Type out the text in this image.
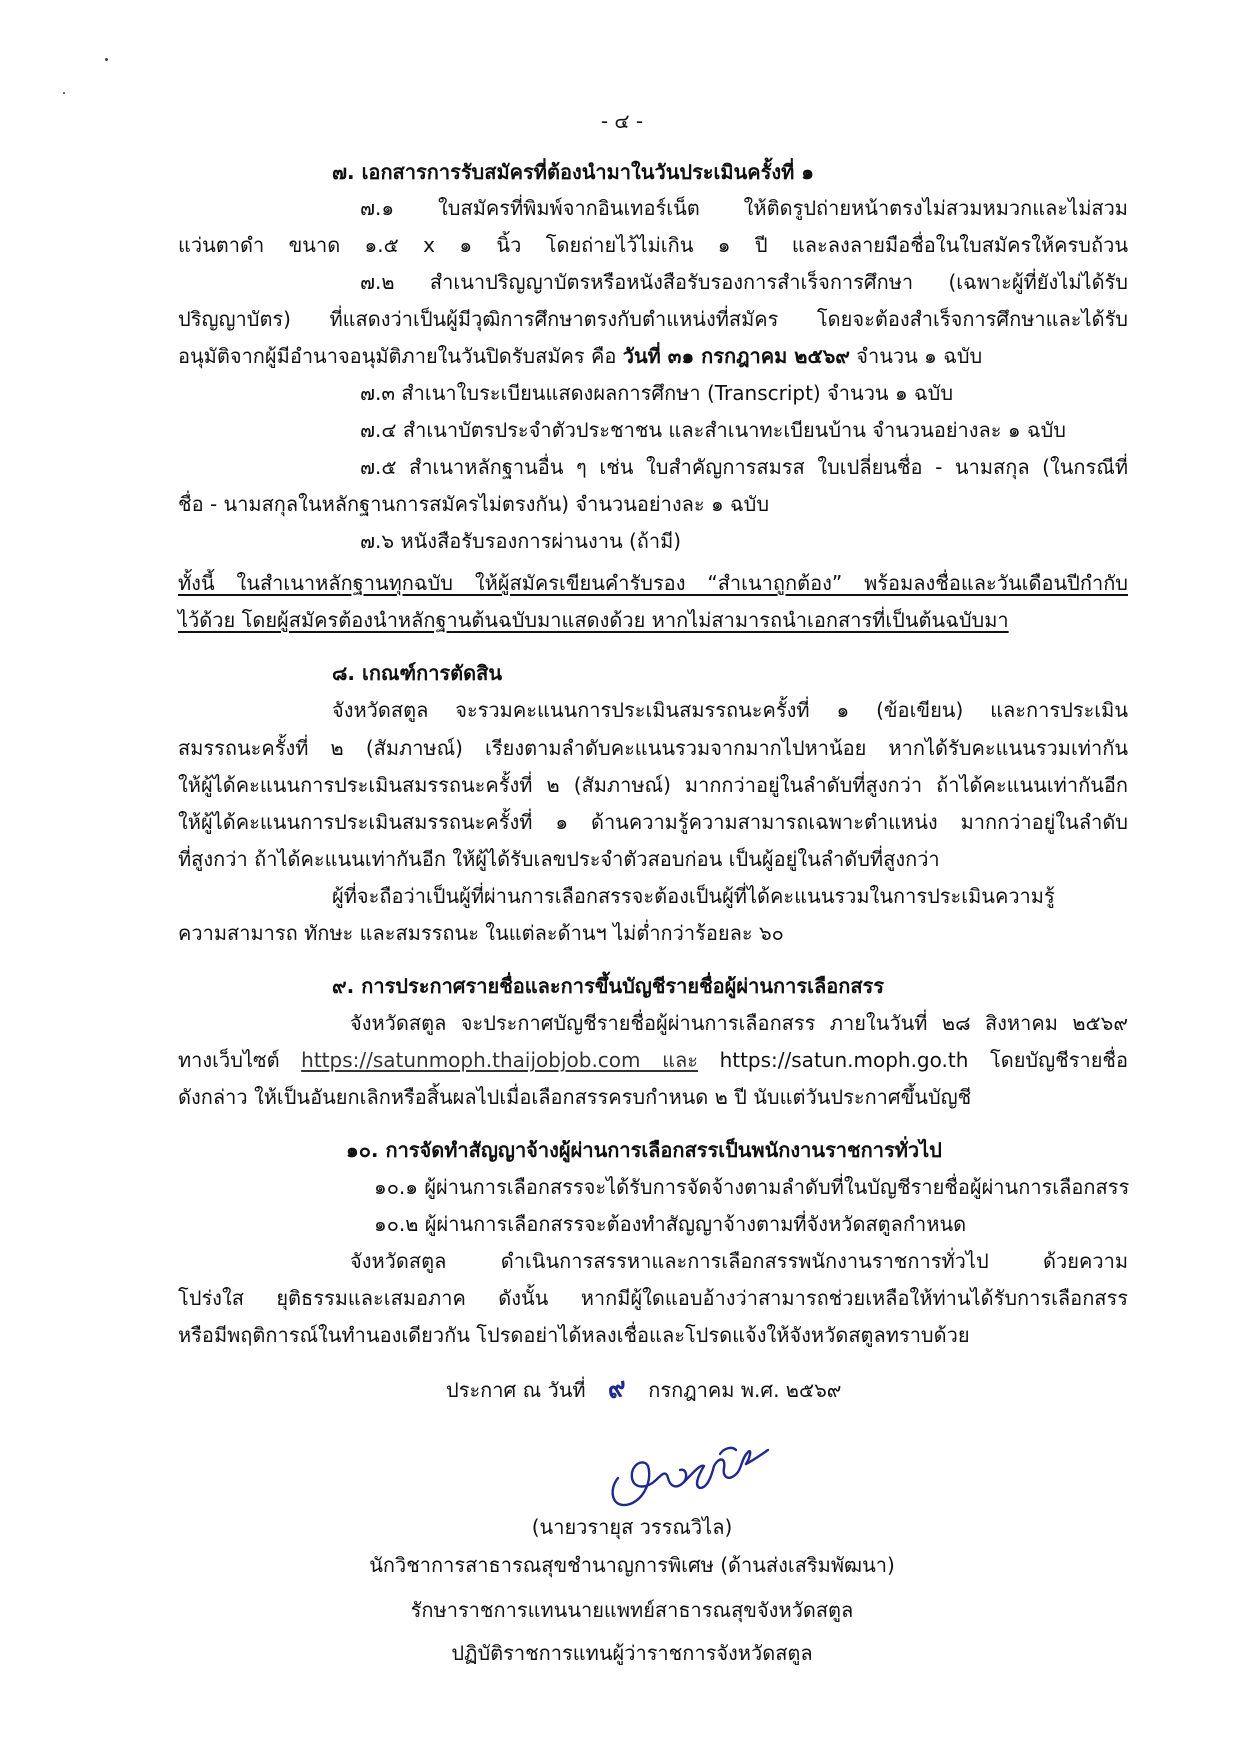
- ๔ -
๗. เอกสารการรับสมัครที่ต้องนำมาในวันประเมินครั้งที่ ๑
๗.๑ ใบสมัครที่พิมพ์จากอินเทอร์เน็ต ให้ติดรูปถ่ายหน้าตรงไม่สวมหมวกและไม่สวม
แว่นตาดำ ขนาด ๑.๕ x ๑ นิ้ว โดยถ่ายไว้ไม่เกิน ๑ ปี และลงลายมือชื่อในใบสมัครให้ครบถ้วน
๗.๒ สำเนาปริญญาบัตรหรือหนังสือรับรองการสำเร็จการศึกษา (เฉพาะผู้ที่ยังไม่ได้รับ
ปริญญาบัตร) ที่แสดงว่าเป็นผู้มีวุฒิการศึกษาตรงกับตำแหน่งที่สมัคร โดยจะต้องสำเร็จการศึกษาและได้รับ
อนุมัติจากผู้มีอำนาจอนุมัติภายในวันปิดรับสมัคร คือ วันที่ ๓๑ กรกฎาคม ๒๕๖๙ จำนวน ๑ ฉบับ
๗.๓ สำเนาใบระเบียนแสดงผลการศึกษา (Transcript) จำนวน ๑ ฉบับ
๗.๔ สำเนาบัตรประจำตัวประชาชน และสำเนาทะเบียนบ้าน จำนวนอย่างละ ๑ ฉบับ
๗.๕ สำเนาหลักฐานอื่น ๆ เช่น ใบสำคัญการสมรส ใบเปลี่ยนชื่อ - นามสกุล (ในกรณีที่
ชื่อ - นามสกุลในหลักฐานการสมัครไม่ตรงกัน) จำนวนอย่างละ ๑ ฉบับ
๗.๖ หนังสือรับรองการผ่านงาน (ถ้ามี)
ทั้งนี้ ในสำเนาหลักฐานทุกฉบับ ให้ผู้สมัครเขียนคำรับรอง “สำเนาถูกต้อง” พร้อมลงชื่อและวันเดือนปีกำกับ
ไว้ด้วย โดยผู้สมัครต้องนำหลักฐานต้นฉบับมาแสดงด้วย หากไม่สามารถนำเอกสารที่เป็นต้นฉบับมา
๘. เกณฑ์การตัดสิน
จังหวัดสตูล จะรวมคะแนนการประเมินสมรรถนะครั้งที่ ๑ (ข้อเขียน) และการประเมิน
สมรรถนะครั้งที่ ๒ (สัมภาษณ์) เรียงตามลำดับคะแนนรวมจากมากไปหาน้อย หากได้รับคะแนนรวมเท่ากัน
ให้ผู้ได้คะแนนการประเมินสมรรถนะครั้งที่ ๒ (สัมภาษณ์) มากกว่าอยู่ในลำดับที่สูงกว่า ถ้าได้คะแนนเท่ากันอีก
ให้ผู้ได้คะแนนการประเมินสมรรถนะครั้งที่ ๑ ด้านความรู้ความสามารถเฉพาะตำแหน่ง มากกว่าอยู่ในลำดับ
ที่สูงกว่า ถ้าได้คะแนนเท่ากันอีก ให้ผู้ได้รับเลขประจำตัวสอบก่อน เป็นผู้อยู่ในลำดับที่สูงกว่า
ผู้ที่จะถือว่าเป็นผู้ที่ผ่านการเลือกสรรจะต้องเป็นผู้ที่ได้คะแนนรวมในการประเมินความรู้
ความสามารถ ทักษะ และสมรรถนะ ในแต่ละด้านฯ ไม่ต่ำกว่าร้อยละ ๖๐
๙. การประกาศรายชื่อและการขึ้นบัญชีรายชื่อผู้ผ่านการเลือกสรร
จังหวัดสตูล จะประกาศบัญชีรายชื่อผู้ผ่านการเลือกสรร ภายในวันที่ ๒๘ สิงหาคม ๒๕๖๙
ทางเว็บไซต์ https://satunmoph.thaijobjob.com และ https://satun.moph.go.th โดยบัญชีรายชื่อ
ดังกล่าว ให้เป็นอันยกเลิกหรือสิ้นผลไปเมื่อเลือกสรรครบกำหนด ๒ ปี นับแต่วันประกาศขึ้นบัญชี
๑๐. การจัดทำสัญญาจ้างผู้ผ่านการเลือกสรรเป็นพนักงานราชการทั่วไป
๑๐.๑ ผู้ผ่านการเลือกสรรจะได้รับการจัดจ้างตามลำดับที่ในบัญชีรายชื่อผู้ผ่านการเลือกสรร
๑๐.๒ ผู้ผ่านการเลือกสรรจะต้องทำสัญญาจ้างตามที่จังหวัดสตูลกำหนด
จังหวัดสตูล ดำเนินการสรรหาและการเลือกสรรพนักงานราชการทั่วไป ด้วยความ
โปร่งใส ยุติธรรมและเสมอภาค ดังนั้น หากมีผู้ใดแอบอ้างว่าสามารถช่วยเหลือให้ท่านได้รับการเลือกสรร
หรือมีพฤติการณ์ในทำนองเดียวกัน โปรดอย่าได้หลงเชื่อและโปรดแจ้งให้จังหวัดสตูลทราบด้วย
ประกาศ ณ วันที่ ๙ กรกฎาคม พ.ศ. ๒๕๖๙
(นายวรายุส วรรณวิไล)
นักวิชาการสาธารณสุขชำนาญการพิเศษ (ด้านส่งเสริมพัฒนา)
รักษาราชการแทนนายแพทย์สาธารณสุขจังหวัดสตูล
ปฏิบัติราชการแทนผู้ว่าราชการจังหวัดสตูล
